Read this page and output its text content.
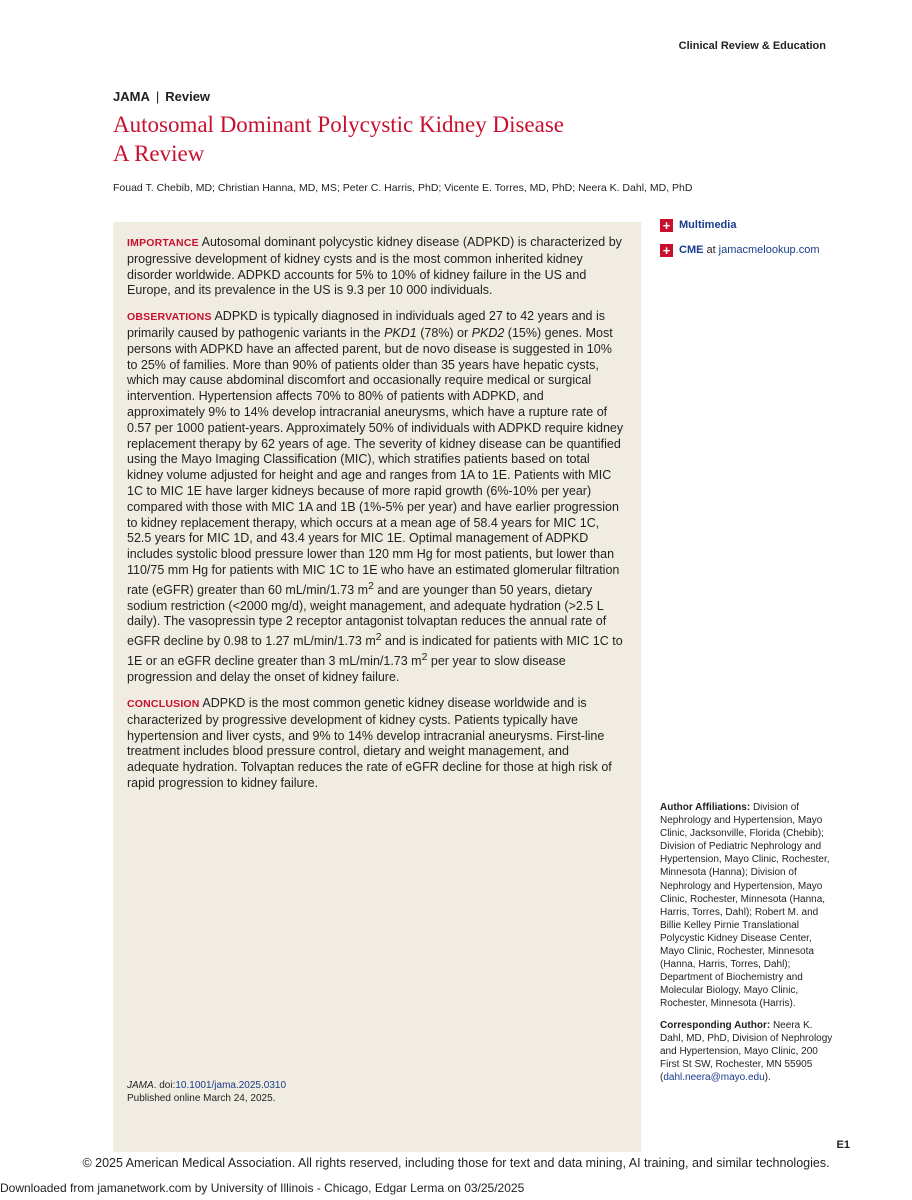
Clinical Review & Education
JAMA | Review
Autosomal Dominant Polycystic Kidney Disease
A Review
Fouad T. Chebib, MD; Christian Hanna, MD, MS; Peter C. Harris, PhD; Vicente E. Torres, MD, PhD; Neera K. Dahl, MD, PhD
+ Multimedia
+ CME at jamacmelookup.com

IMPORTANCE Autosomal dominant polycystic kidney disease (ADPKD) is characterized by progressive development of kidney cysts and is the most common inherited kidney disorder worldwide. ADPKD accounts for 5% to 10% of kidney failure in the US and Europe, and its prevalence in the US is 9.3 per 10 000 individuals.

OBSERVATIONS ADPKD is typically diagnosed in individuals aged 27 to 42 years and is primarily caused by pathogenic variants in the PKD1 (78%) or PKD2 (15%) genes. Most persons with ADPKD have an affected parent, but de novo disease is suggested in 10% to 25% of families. More than 90% of patients older than 35 years have hepatic cysts, which may cause abdominal discomfort and occasionally require medical or surgical intervention. Hypertension affects 70% to 80% of patients with ADPKD, and approximately 9% to 14% develop intracranial aneurysms, which have a rupture rate of 0.57 per 1000 patient-years. Approximately 50% of individuals with ADPKD require kidney replacement therapy by 62 years of age. The severity of kidney disease can be quantified using the Mayo Imaging Classification (MIC), which stratifies patients based on total kidney volume adjusted for height and age and ranges from 1A to 1E. Patients with MIC 1C to MIC 1E have larger kidneys because of more rapid growth (6%-10% per year) compared with those with MIC 1A and 1B (1%-5% per year) and have earlier progression to kidney replacement therapy, which occurs at a mean age of 58.4 years for MIC 1C, 52.5 years for MIC 1D, and 43.4 years for MIC 1E. Optimal management of ADPKD includes systolic blood pressure lower than 120 mm Hg for most patients, but lower than 110/75 mm Hg for patients with MIC 1C to 1E who have an estimated glomerular filtration rate (eGFR) greater than 60 mL/min/1.73 $m^2$ and are younger than 50 years, dietary sodium restriction (<2000 mg/d), weight management, and adequate hydration (>2.5 L daily). The vasopressin type 2 receptor antagonist tolvaptan reduces the annual rate of eGFR decline by 0.98 to 1.27 mL/min/1.73 $m^2$ and is indicated for patients with MIC 1C to 1E or an eGFR decline greater than 3 mL/min/1.73 $m^2$ per year to slow disease progression and delay the onset of kidney failure.

CONCLUSION ADPKD is the most common genetic kidney disease worldwide and is characterized by progressive development of kidney cysts. Patients typically have hypertension and liver cysts, and 9% to 14% develop intracranial aneurysms. First-line treatment includes blood pressure control, dietary and weight management, and adequate hydration. Tolvaptan reduces the rate of eGFR decline for those at high risk of rapid progression to kidney failure.

JAMA. doi:10.1001/jama.2025.0310
Published online March 24, 2025.

Author Affiliations: Division of Nephrology and Hypertension, Mayo Clinic, Jacksonville, Florida (Chebib); Division of Pediatric Nephrology and Hypertension, Mayo Clinic, Rochester, Minnesota (Hanna); Division of Nephrology and Hypertension, Mayo Clinic, Rochester, Minnesota (Hanna, Harris, Torres, Dahl); Robert M. and Billie Kelley Pirnie Translational Polycystic Kidney Disease Center, Mayo Clinic, Rochester, Minnesota (Hanna, Harris, Torres, Dahl); Department of Biochemistry and Molecular Biology, Mayo Clinic, Rochester, Minnesota (Harris).

Corresponding Author: Neera K. Dahl, MD, PhD, Division of Nephrology and Hypertension, Mayo Clinic, 200 First St SW, Rochester, MN 55905 (dahl.neera@mayo.edu).

E1
© 2025 American Medical Association. All rights reserved, including those for text and data mining, AI training, and similar technologies.
Downloaded from jamanetwork.com by University of Illinois - Chicago, Edgar Lerma on 03/25/2025
